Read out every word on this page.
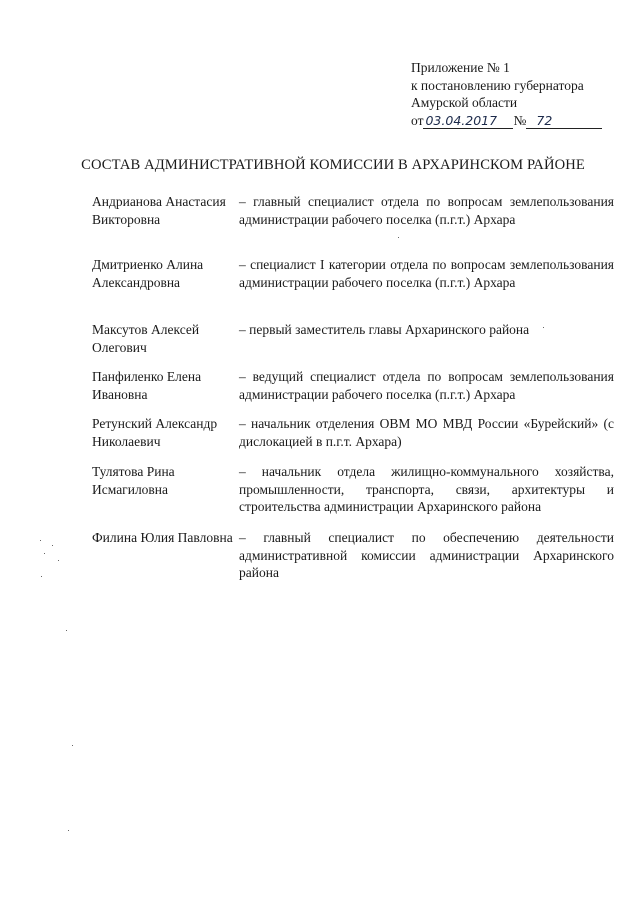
Приложение № 1
к постановлению губернатора
Амурской области
от 03.04.2017 № 72
СОСТАВ АДМИНИСТРАТИВНОЙ КОМИССИИ В АРХАРИНСКОМ РАЙОНЕ
Андрианова Анастасия Викторовна
– главный специалист отдела по вопросам землепользования администрации рабочего поселка (п.г.т.) Архара
Дмитриенко Алина Александровна
– специалист I категории отдела по вопросам землепользования администрации рабочего поселка (п.г.т.) Архара
Максутов Алексей Олегович
– первый заместитель главы Архаринского района
Панфиленко Елена Ивановна
– ведущий специалист отдела по вопросам землепользования администрации рабочего поселка (п.г.т.) Архара
Ретунский Александр Николаевич
– начальник отделения ОВМ МО МВД России «Бурейский» (с дислокацией в п.г.т. Архара)
Тулятова Рина Исмагиловна
– начальник отдела жилищно-коммунального хозяйства, промышленности, транспорта, связи, архитектуры и строительства администрации Архаринского района
Филина Юлия Павловна – главный специалист по обеспечению деятельности административной комиссии администрации Архаринского района
